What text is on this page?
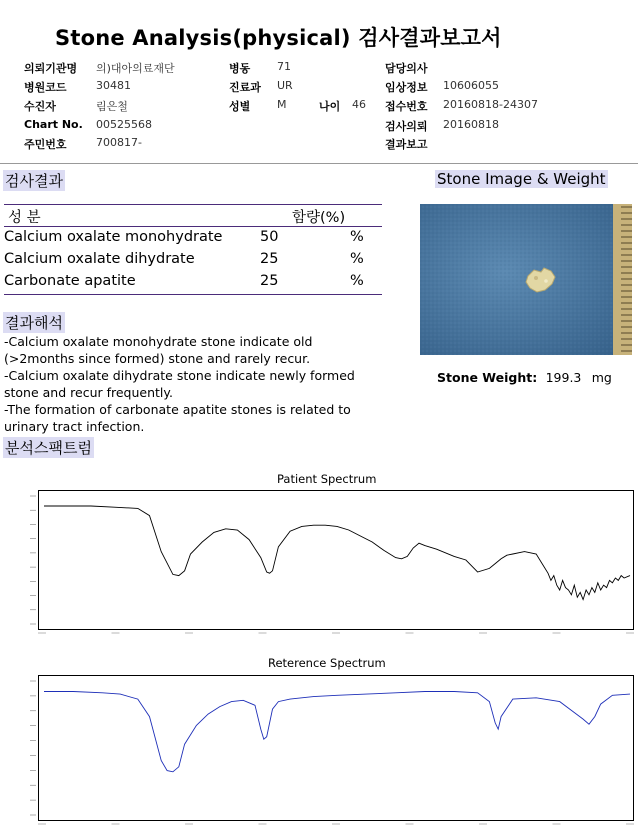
Stone Analysis(physical) 검사결과보고서
의뢰기관명 의)대아의료재단
병원코드	30481
수진자	림은철
Chart No. 00525568
주민번호	700817-
병동 71
진료과 UR
성별 M	나이 46
담당의사
임상정보 10606055
접수번호 20160818-24307
검사의뢰 20160818
결과보고
검사결과
성 분	함량(%)
Calcium oxalate monohydrate	50	%
Calcium oxalate dihydrate	25	%
Carbonate apatite	25	%
Stone Image & Weight
Stone Weight: 199.3 mg
결과해석
-Calcium oxalate monohydrate stone indicate old
(>2months since formed) stone and rarely recur.
-Calcium oxalate dihydrate stone indicate newly formed
stone and recur frequently.
-The formation of carbonate apatite stones is related to
urinary tract infection.
분석스팩트럼
Patient Spectrum
Reterence Spectrum
